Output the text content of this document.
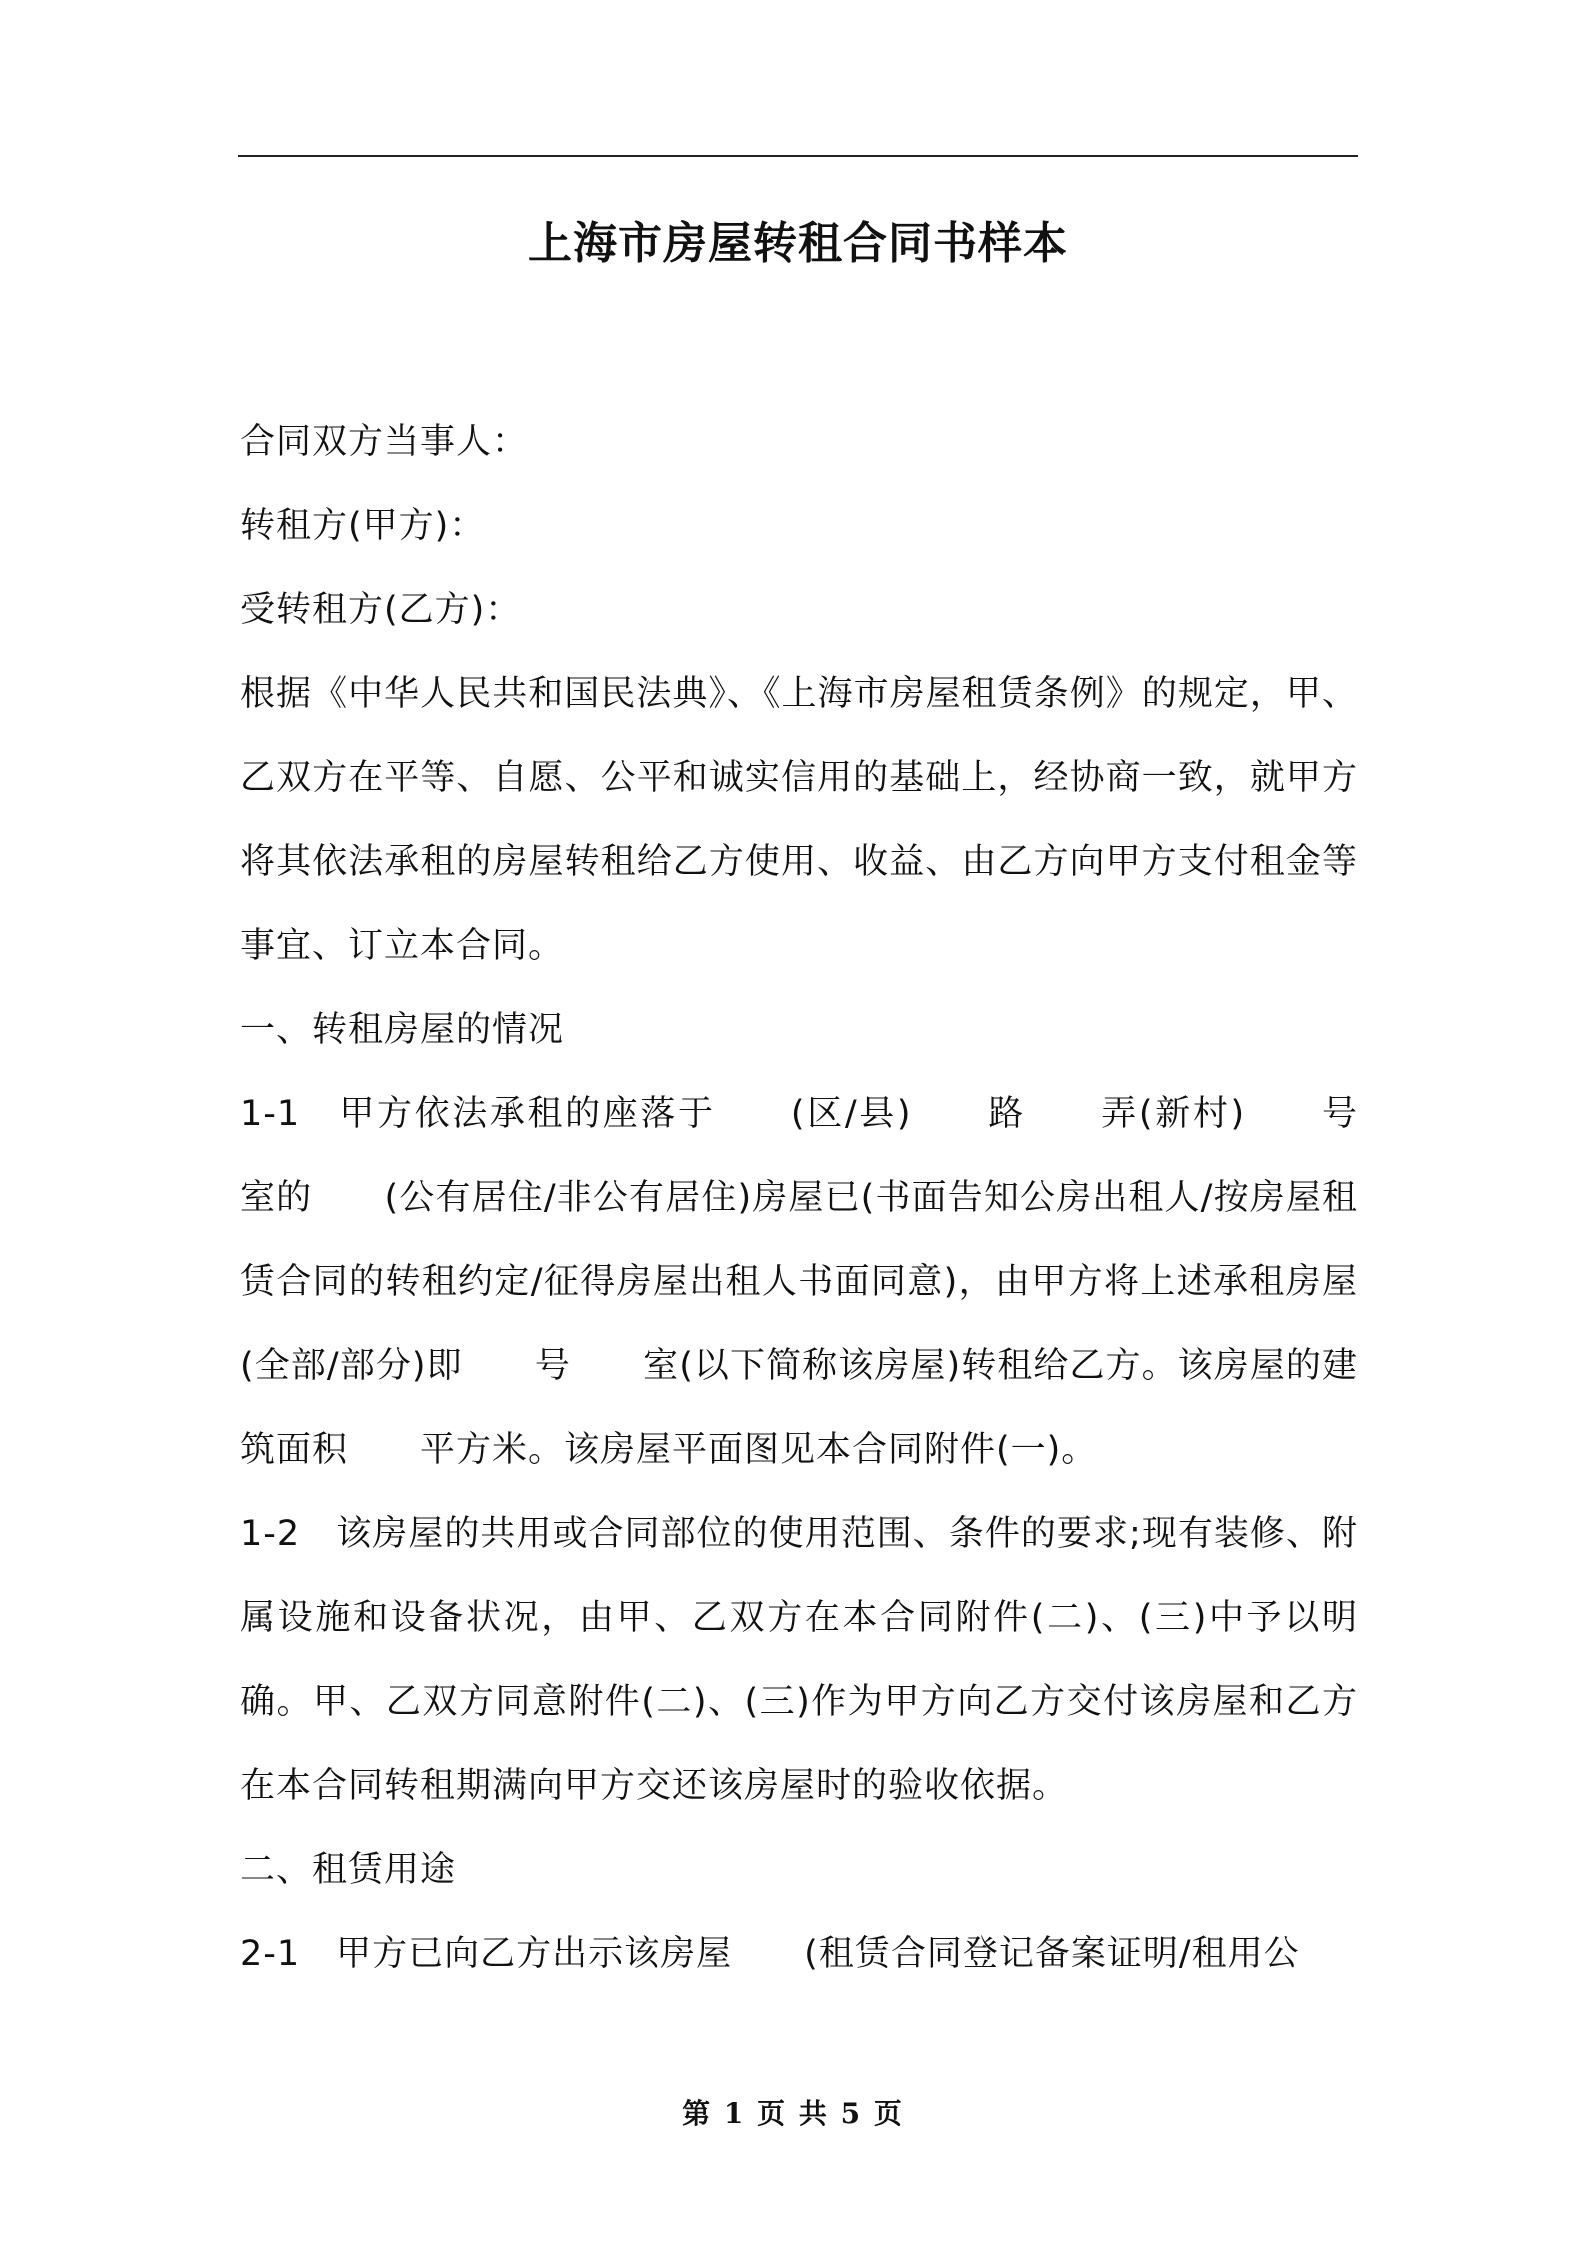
上海市房屋转租合同书样本

合同双方当事人：

转租方(甲方)：

受转租方(乙方)：

根据《中华人民共和国民法典》、《上海市房屋租赁条例》的规定，甲、乙双方在平等、自愿、公平和诚实信用的基础上，经协商一致，就甲方将其依法承租的房屋转租给乙方使用、收益、由乙方向甲方支付租金等事宜、订立本合同。

一、转租房屋的情况

1-1　甲方依法承租的座落于　　(区/县)　　路　　弄(新村)　　号　　室的　　(公有居住/非公有居住)房屋已(书面告知公房出租人/按房屋租赁合同的转租约定/征得房屋出租人书面同意)，由甲方将上述承租房屋　　(全部/部分)即　　号　　室(以下简称该房屋)转租给乙方。该房屋的建筑面积　　平方米。该房屋平面图见本合同附件(一)。

1-2　该房屋的共用或合同部位的使用范围、条件的要求;现有装修、附属设施和设备状况，由甲、乙双方在本合同附件(二)、(三)中予以明确。甲、乙双方同意附件(二)、(三)作为甲方向乙方交付该房屋和乙方在本合同转租期满向甲方交还该房屋时的验收依据。

二、租赁用途

2-1　甲方已向乙方出示该房屋　　(租赁合同登记备案证明/租用公

第 1 页 共 5 页
